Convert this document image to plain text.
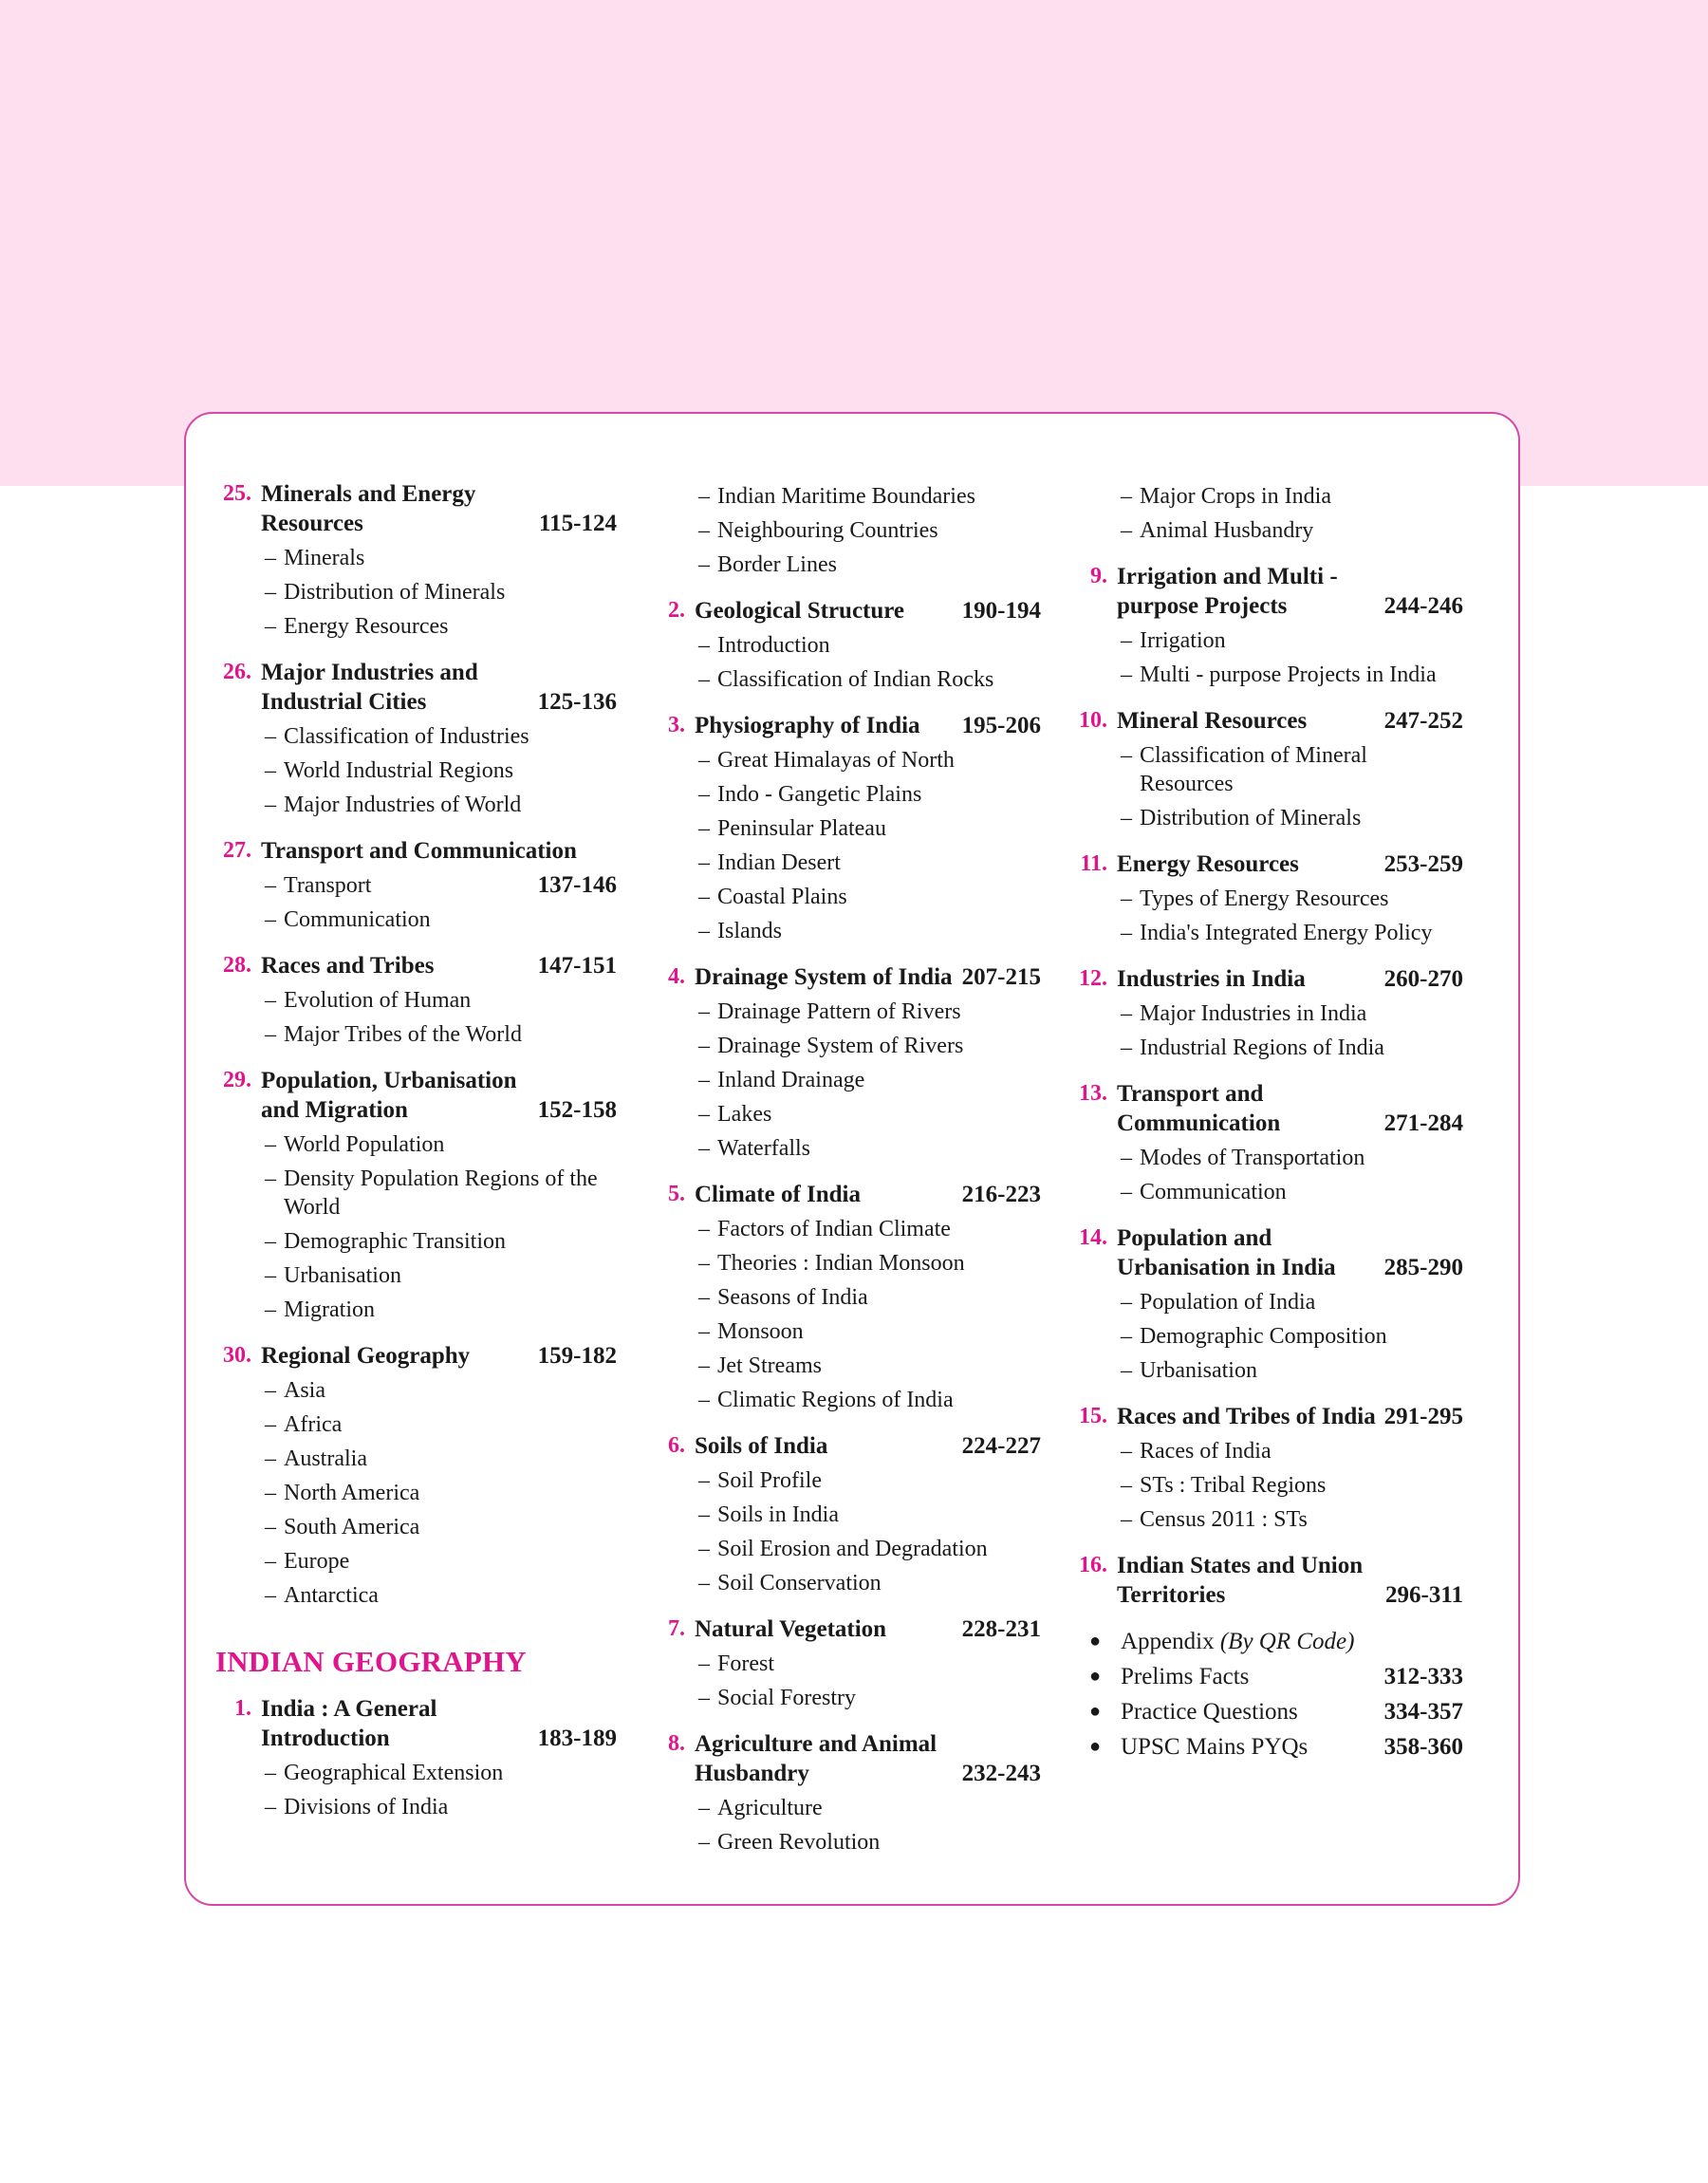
25. Minerals and Energy Resources	115-124
– Minerals
– Distribution of Minerals
– Energy Resources
26. Major Industries and Industrial Cities	125-136
– Classification of Industries
– World Industrial Regions
– Major Industries of World
27. Transport and Communication
– Transport	137-146
– Communication
28. Races and Tribes	147-151
– Evolution of Human
– Major Tribes of the World
29. Population, Urbanisation and Migration	152-158
– World Population
– Density Population Regions of the World
– Demographic Transition
– Urbanisation
– Migration
30. Regional Geography	159-182
– Asia
– Africa
– Australia
– North America
– South America
– Europe
– Antarctica
INDIAN GEOGRAPHY
1. India : A General Introduction	183-189
– Geographical Extension
– Divisions of India
– Indian Maritime Boundaries
– Neighbouring Countries
– Border Lines
2. Geological Structure	190-194
– Introduction
– Classification of Indian Rocks
3. Physiography of India	195-206
– Great Himalayas of North
– Indo - Gangetic Plains
– Peninsular Plateau
– Indian Desert
– Coastal Plains
– Islands
4. Drainage System of India 207-215
– Drainage Pattern of Rivers
– Drainage System of Rivers
– Inland Drainage
– Lakes
– Waterfalls
5. Climate of India	216-223
– Factors of Indian Climate
– Theories : Indian Monsoon
– Seasons of India
– Monsoon
– Jet Streams
– Climatic Regions of India
6. Soils of India	224-227
– Soil Profile
– Soils in India
– Soil Erosion and Degradation
– Soil Conservation
7. Natural Vegetation	228-231
– Forest
– Social Forestry
8. Agriculture and Animal Husbandry	232-243
– Agriculture
– Green Revolution
– Major Crops in India
– Animal Husbandry
9. Irrigation and Multi - purpose Projects	244-246
– Irrigation
– Multi - purpose Projects in India
10. Mineral Resources	247-252
– Classification of Mineral Resources
– Distribution of Minerals
11. Energy Resources	253-259
– Types of Energy Resources
– India's Integrated Energy Policy
12. Industries in India	260-270
– Major Industries in India
– Industrial Regions of India
13. Transport and Communication	271-284
– Modes of Transportation
– Communication
14. Population and Urbanisation in India	285-290
– Population of India
– Demographic Composition
– Urbanisation
15. Races and Tribes of India 291-295
– Races of India
– STs : Tribal Regions
– Census 2011 : STs
16. Indian States and Union Territories	296-311
● Appendix (By QR Code)
● Prelims Facts	312-333
● Practice Questions	334-357
● UPSC Mains PYQs	358-360
